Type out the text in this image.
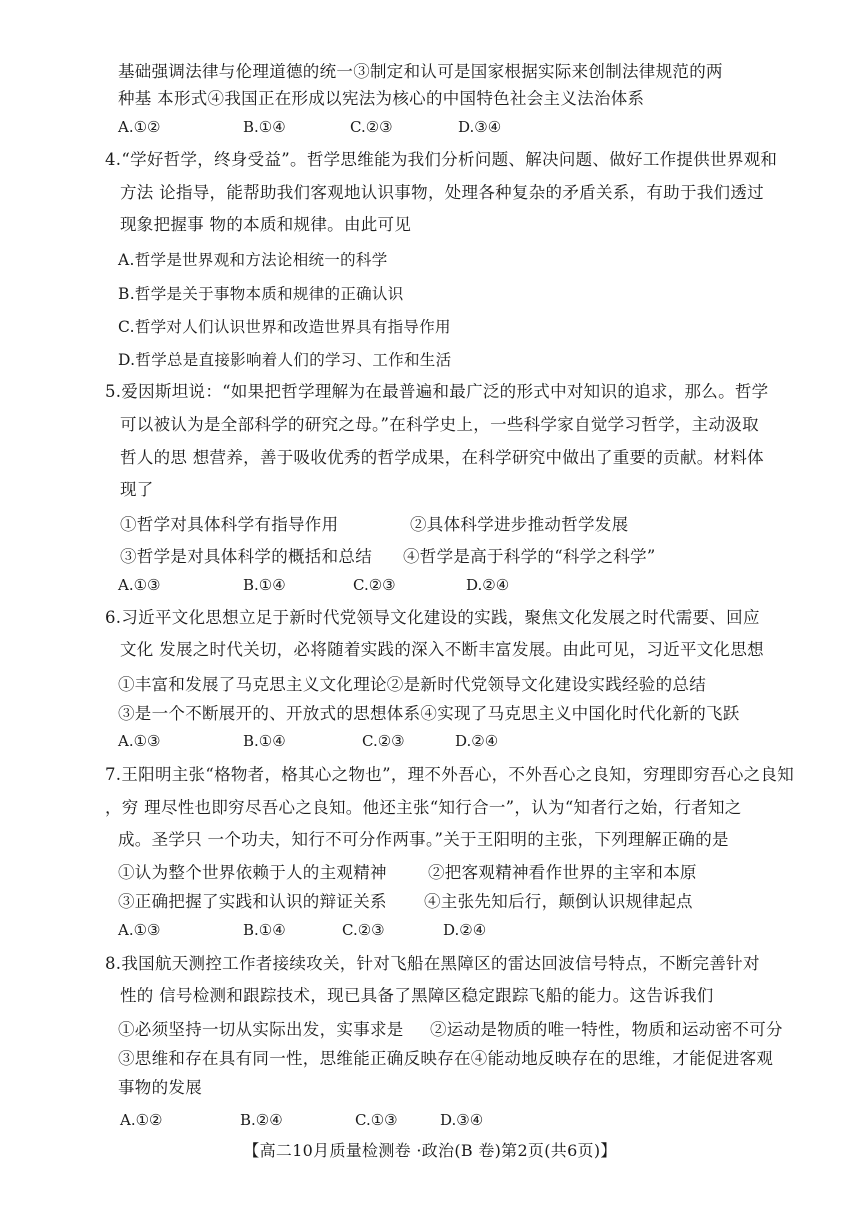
基础强调法律与伦理道德的统一③制定和认可是国家根据实际来创制法律规范的两
种基 本形式④我国正在形成以宪法为核心的中国特色社会主义法治体系
A.①②	B.①④	C.②③	D.③④
4.“学好哲学，终身受益”。哲学思维能为我们分析问题、解决问题、做好工作提供世界观和
方法 论指导，能帮助我们客观地认识事物，处理各种复杂的矛盾关系，有助于我们透过
现象把握事 物的本质和规律。由此可见
A.哲学是世界观和方法论相统一的科学
B.哲学是关于事物本质和规律的正确认识
C.哲学对人们认识世界和改造世界具有指导作用
D.哲学总是直接影响着人们的学习、工作和生活
5.爱因斯坦说：“如果把哲学理解为在最普遍和最广泛的形式中对知识的追求，那么。哲学
可以被认为是全部科学的研究之母。”在科学史上，一些科学家自觉学习哲学，主动汲取
哲人的思 想营养，善于吸收优秀的哲学成果，在科学研究中做出了重要的贡献。材料体
现了
①哲学对具体科学有指导作用	②具体科学进步推动哲学发展
③哲学是对具体科学的概括和总结 ④哲学是高于科学的“科学之科学”
A.①③	B.①④	C.②③	D.②④
6.习近平文化思想立足于新时代党领导文化建设的实践，聚焦文化发展之时代需要、回应
文化 发展之时代关切，必将随着实践的深入不断丰富发展。由此可见，习近平文化思想
①丰富和发展了马克思主义文化理论②是新时代党领导文化建设实践经验的总结
③是一个不断展开的、开放式的思想体系④实现了马克思主义中国化时代化新的飞跃
A.①③	B.①④	C.②③	D.②④
7.王阳明主张“格物者，格其心之物也”，理不外吾心，不外吾心之良知，穷理即穷吾心之良知
，穷 理尽性也即穷尽吾心之良知。他还主张“知行合一”，认为“知者行之始，行者知之
成。圣学只 一个功夫，知行不可分作两事。”关于王阳明的主张，下列理解正确的是
①认为整个世界依赖于人的主观精神 ②把客观精神看作世界的主宰和本原
③正确把握了实践和认识的辩证关系 ④主张先知后行，颠倒认识规律起点
A.①③	B.①④	C.②③	D.②④
8.我国航天测控工作者接续攻关，针对飞船在黑障区的雷达回波信号特点，不断完善针对
性的 信号检测和跟踪技术，现已具备了黑障区稳定跟踪飞船的能力。这告诉我们
①必须坚持一切从实际出发，实事求是 ②运动是物质的唯一特性，物质和运动密不可分
③思维和存在具有同一性，思维能正确反映存在④能动地反映存在的思维，才能促进客观
事物的发展
A.①②	B.②④	C.①③	D.③④
【高二10月质量检测卷 ·政治(B 卷)第2页(共6页)】
